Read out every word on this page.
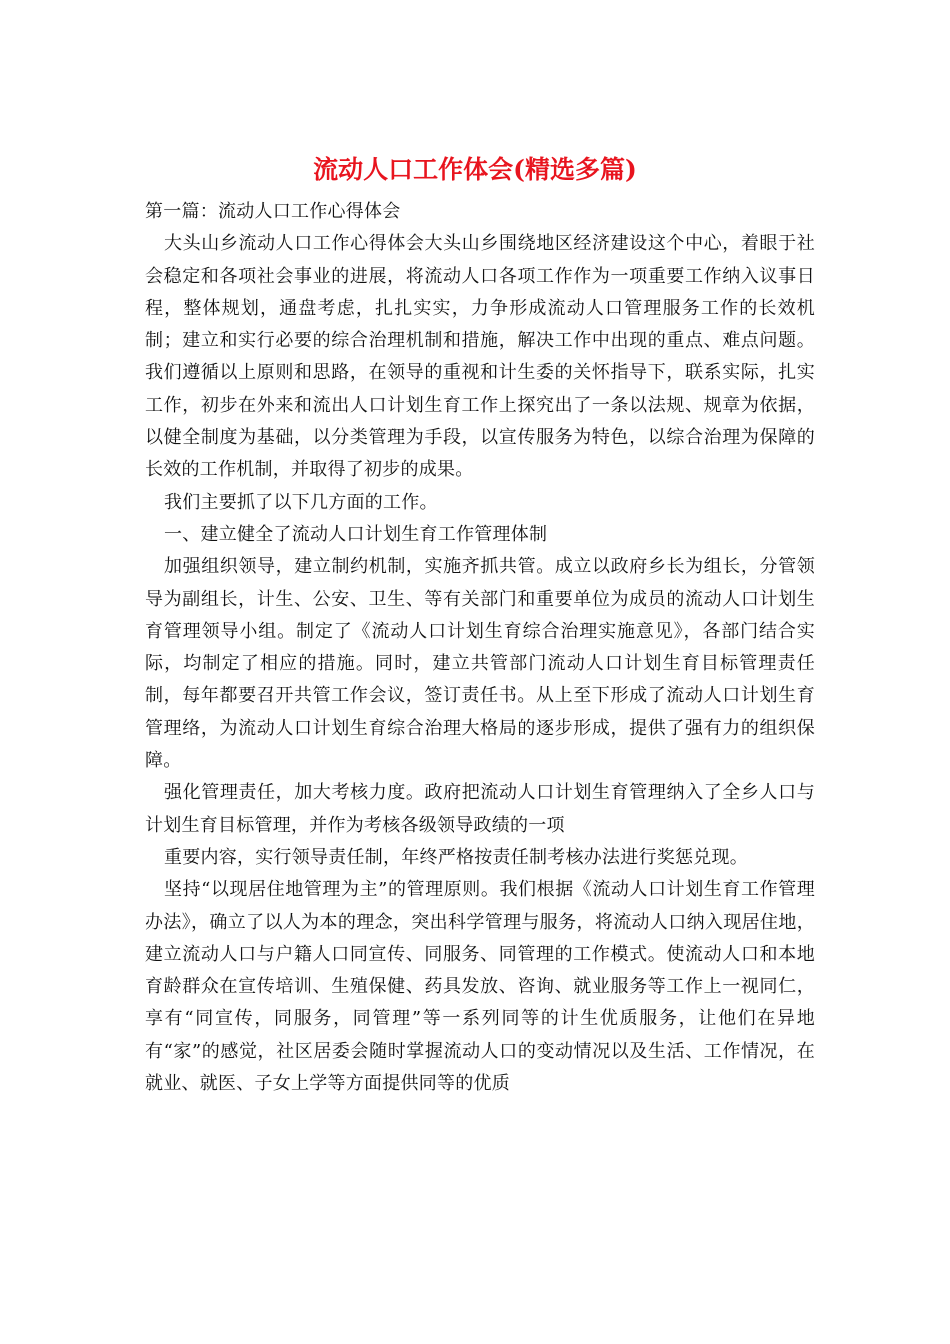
流动人口工作体会(精选多篇)

第一篇：流动人口工作心得体会

大头山乡流动人口工作心得体会大头山乡围绕地区经济建设这个中心，着眼于社会稳定和各项社会事业的进展，将流动人口各项工作作为一项重要工作纳入议事日程，整体规划，通盘考虑，扎扎实实，力争形成流动人口管理服务工作的长效机制；建立和实行必要的综合治理机制和措施，解决工作中出现的重点、难点问题。我们遵循以上原则和思路，在领导的重视和计生委的关怀指导下，联系实际，扎实工作，初步在外来和流出人口计划生育工作上探究出了一条以法规、规章为依据，以健全制度为基础，以分类管理为手段，以宣传服务为特色，以综合治理为保障的长效的工作机制，并取得了初步的成果。

我们主要抓了以下几方面的工作。

一、建立健全了流动人口计划生育工作管理体制

加强组织领导，建立制约机制，实施齐抓共管。成立以政府乡长为组长，分管领导为副组长，计生、公安、卫生、等有关部门和重要单位为成员的流动人口计划生育管理领导小组。制定了《流动人口计划生育综合治理实施意见》，各部门结合实际，均制定了相应的措施。同时，建立共管部门流动人口计划生育目标管理责任制，每年都要召开共管工作会议，签订责任书。从上至下形成了流动人口计划生育管理络，为流动人口计划生育综合治理大格局的逐步形成，提供了强有力的组织保障。

强化管理责任，加大考核力度。政府把流动人口计划生育管理纳入了全乡人口与计划生育目标管理，并作为考核各级领导政绩的一项

重要内容，实行领导责任制，年终严格按责任制考核办法进行奖惩兑现。

坚持“以现居住地管理为主”的管理原则。我们根据《流动人口计划生育工作管理办法》，确立了以人为本的理念，突出科学管理与服务，将流动人口纳入现居住地，建立流动人口与户籍人口同宣传、同服务、同管理的工作模式。使流动人口和本地育龄群众在宣传培训、生殖保健、药具发放、咨询、就业服务等工作上一视同仁，享有“同宣传，同服务，同管理”等一系列同等的计生优质服务，让他们在异地有“家”的感觉，社区居委会随时掌握流动人口的变动情况以及生活、工作情况，在就业、就医、子女上学等方面提供同等的优质
